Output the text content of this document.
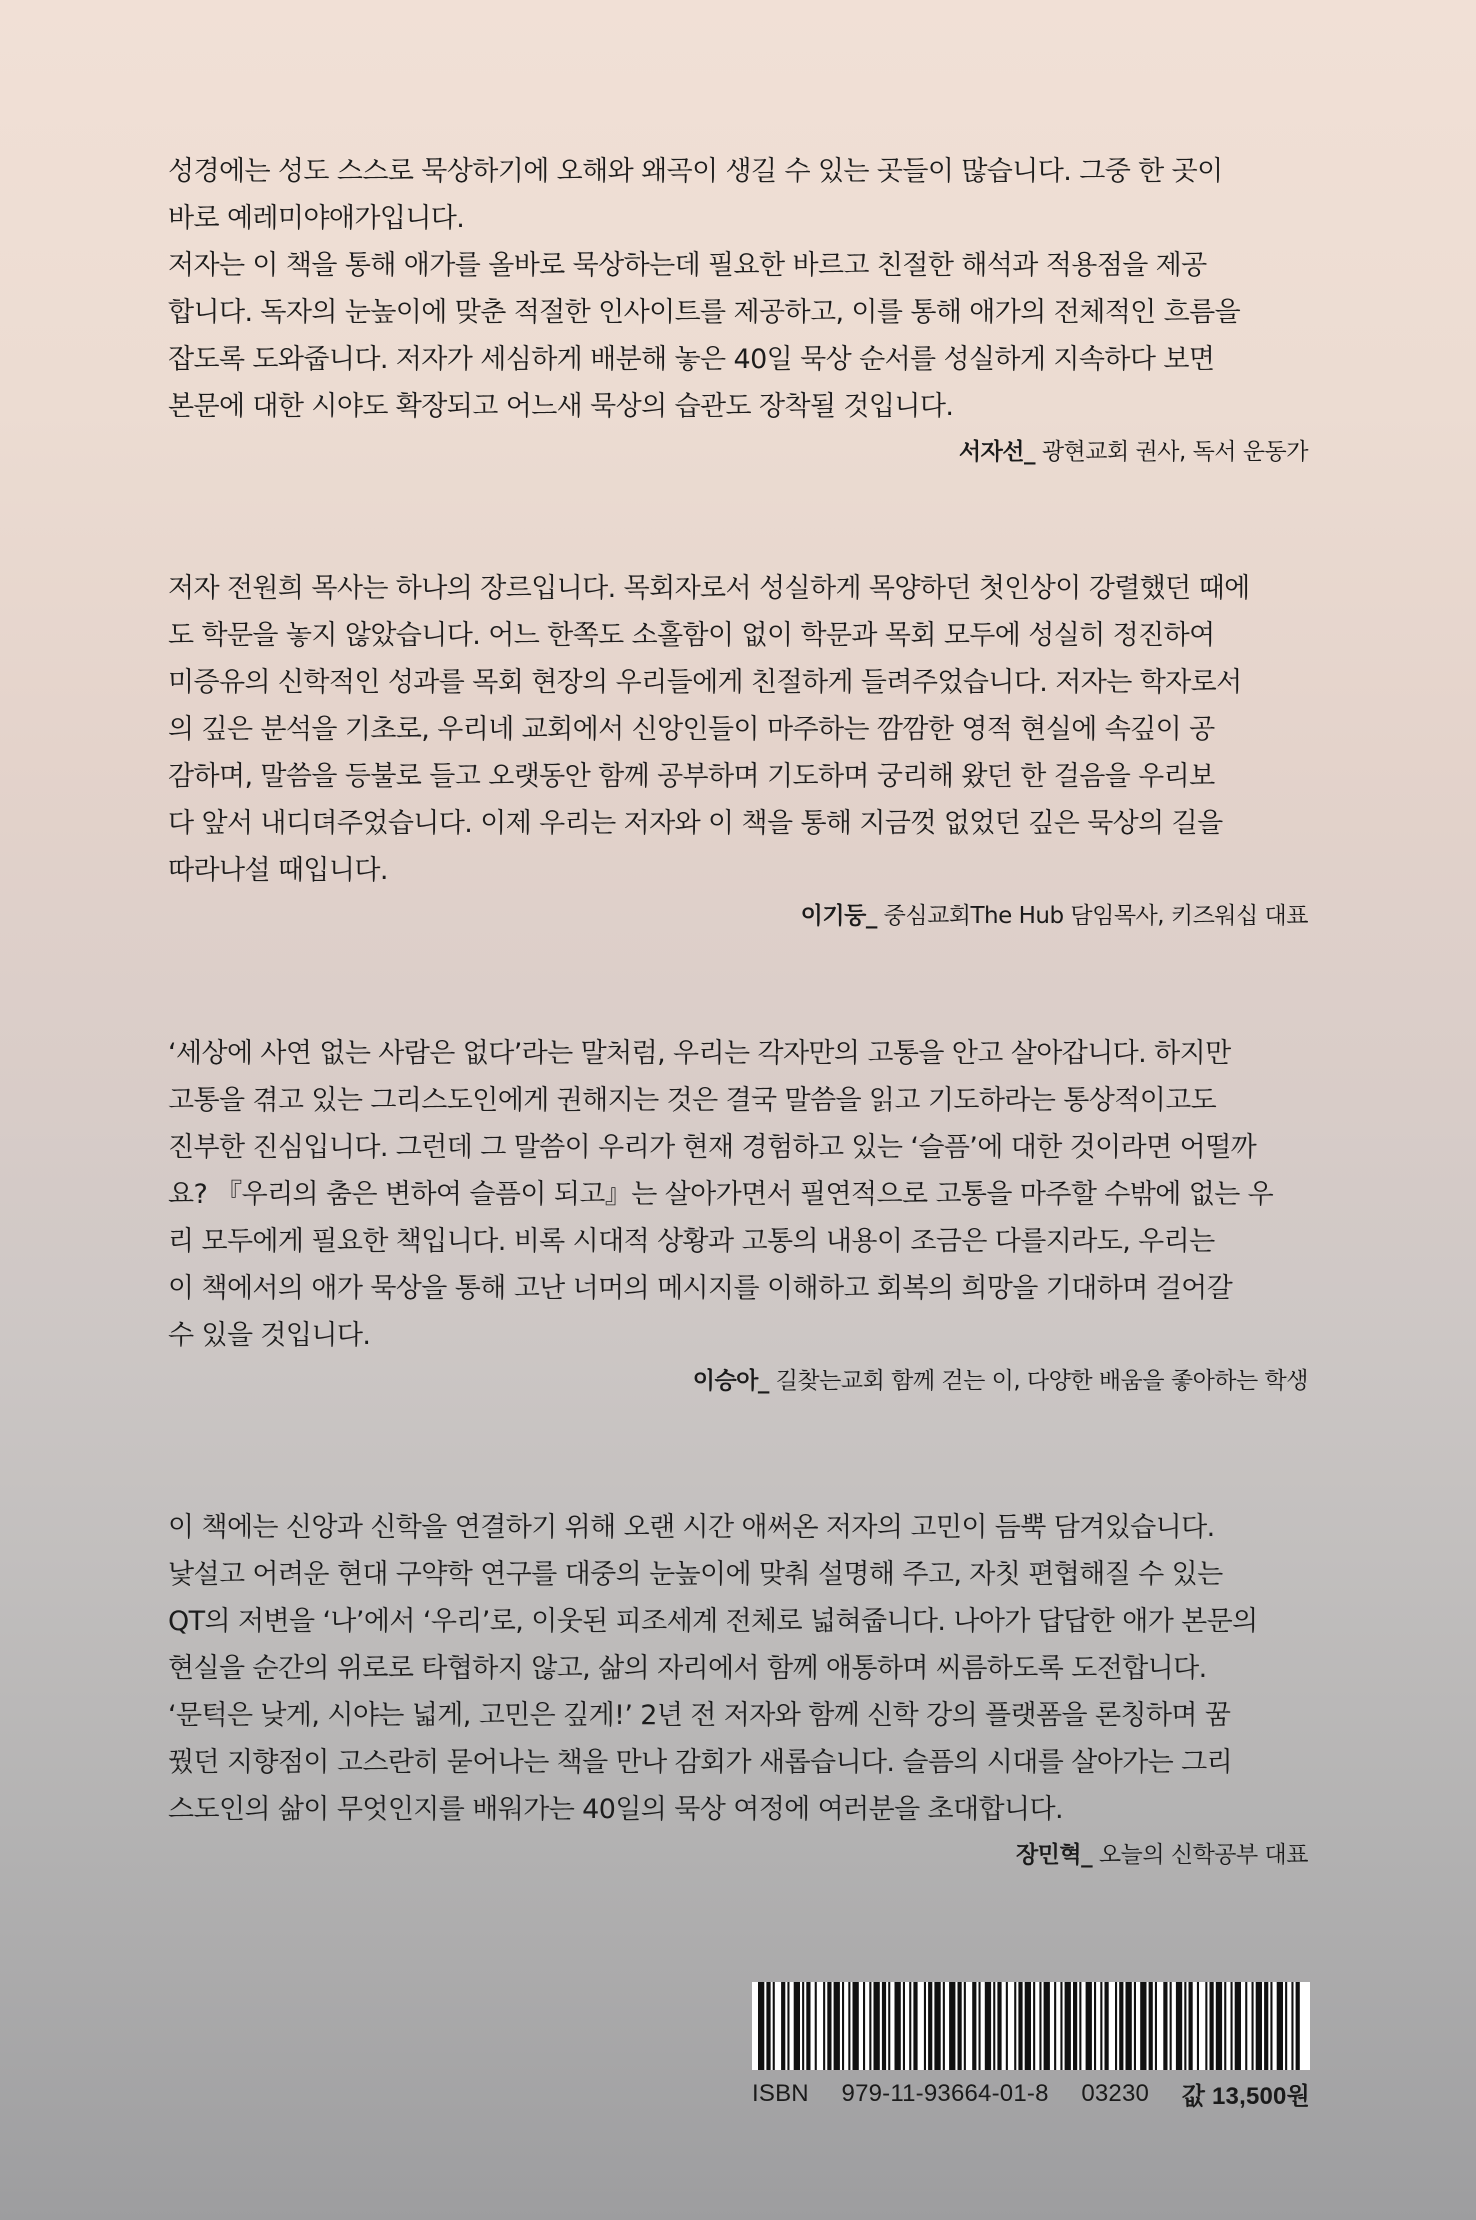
성경에는 성도 스스로 묵상하기에 오해와 왜곡이 생길 수 있는 곳들이 많습니다. 그중 한 곳이
바로 예레미야애가입니다.
저자는 이 책을 통해 애가를 올바로 묵상하는데 필요한 바르고 친절한 해석과 적용점을 제공
합니다. 독자의 눈높이에 맞춘 적절한 인사이트를 제공하고, 이를 통해 애가의 전체적인 흐름을
잡도록 도와줍니다. 저자가 세심하게 배분해 놓은 40일 묵상 순서를 성실하게 지속하다 보면
본문에 대한 시야도 확장되고 어느새 묵상의 습관도 장착될 것입니다.

서자선_ 광현교회 권사, 독서 운동가

저자 전원희 목사는 하나의 장르입니다. 목회자로서 성실하게 목양하던 첫인상이 강렬했던 때에
도 학문을 놓지 않았습니다. 어느 한쪽도 소홀함이 없이 학문과 목회 모두에 성실히 정진하여
미증유의 신학적인 성과를 목회 현장의 우리들에게 친절하게 들려주었습니다. 저자는 학자로서
의 깊은 분석을 기초로, 우리네 교회에서 신앙인들이 마주하는 깜깜한 영적 현실에 속깊이 공
감하며, 말씀을 등불로 들고 오랫동안 함께 공부하며 기도하며 궁리해 왔던 한 걸음을 우리보
다 앞서 내디뎌주었습니다. 이제 우리는 저자와 이 책을 통해 지금껏 없었던 깊은 묵상의 길을
따라나설 때입니다.

이기둥_ 중심교회The Hub 담임목사, 키즈워십 대표

‘세상에 사연 없는 사람은 없다’라는 말처럼, 우리는 각자만의 고통을 안고 살아갑니다. 하지만
고통을 겪고 있는 그리스도인에게 권해지는 것은 결국 말씀을 읽고 기도하라는 통상적이고도
진부한 진심입니다. 그런데 그 말씀이 우리가 현재 경험하고 있는 ‘슬픔’에 대한 것이라면 어떨까
요? 『우리의 춤은 변하여 슬픔이 되고』는 살아가면서 필연적으로 고통을 마주할 수밖에 없는 우
리 모두에게 필요한 책입니다. 비록 시대적 상황과 고통의 내용이 조금은 다를지라도, 우리는
이 책에서의 애가 묵상을 통해 고난 너머의 메시지를 이해하고 회복의 희망을 기대하며 걸어갈
수 있을 것입니다.

이승아_ 길찾는교회 함께 걷는 이, 다양한 배움을 좋아하는 학생

이 책에는 신앙과 신학을 연결하기 위해 오랜 시간 애써온 저자의 고민이 듬뿍 담겨있습니다.
낯설고 어려운 현대 구약학 연구를 대중의 눈높이에 맞춰 설명해 주고, 자칫 편협해질 수 있는
QT의 저변을 ‘나’에서 ‘우리’로, 이웃된 피조세계 전체로 넓혀줍니다. 나아가 답답한 애가 본문의
현실을 순간의 위로로 타협하지 않고, 삶의 자리에서 함께 애통하며 씨름하도록 도전합니다.
‘문턱은 낮게, 시야는 넓게, 고민은 깊게!’ 2년 전 저자와 함께 신학 강의 플랫폼을 론칭하며 꿈
꿨던 지향점이 고스란히 묻어나는 책을 만나 감회가 새롭습니다. 슬픔의 시대를 살아가는 그리
스도인의 삶이 무엇인지를 배워가는 40일의 묵상 여정에 여러분을 초대합니다.

장민혁_ 오늘의 신학공부 대표
ISBN 979-11-93664-01-8 03230 값 13,500원
